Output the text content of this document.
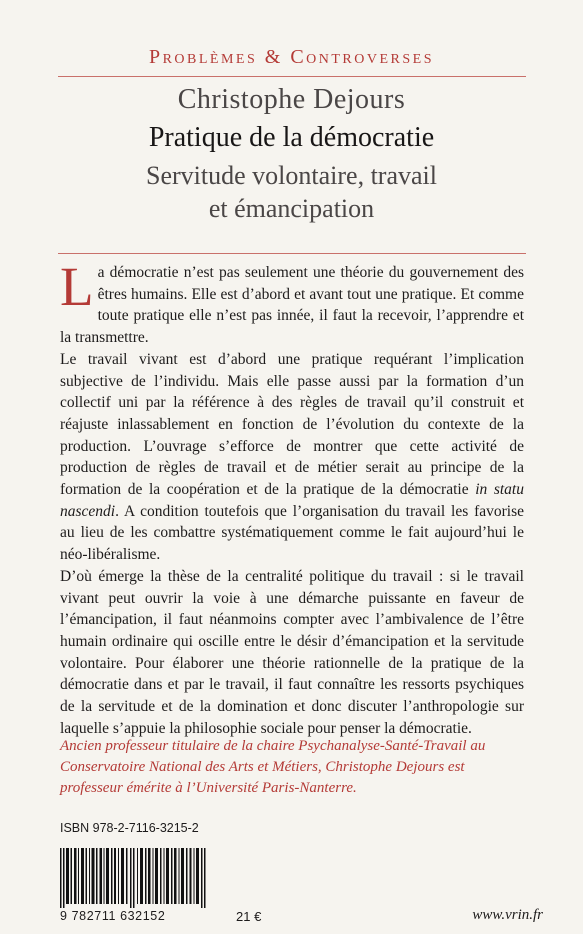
Problèmes & Controverses
Christophe Dejours
Pratique de la démocratie
Servitude volontaire, travail
et émancipation

La démocratie n’est pas seulement une théorie du gouvernement des êtres humains. Elle est d’abord et avant tout une pratique. Et comme toute pratique elle n’est pas innée, il faut la recevoir, l’apprendre et la transmettre.

Le travail vivant est d’abord une pratique requérant l’implication subjective de l’individu. Mais elle passe aussi par la formation d’un collectif uni par la référence à des règles de travail qu’il construit et réajuste inlassablement en fonction de l’évolution du contexte de la production. L’ouvrage s’efforce de montrer que cette activité de production de règles de travail et de métier serait au principe de la formation de la coopération et de la pratique de la démocratie in statu nascendi. A condition toutefois que l’organisation du travail les favorise au lieu de les combattre systématiquement comme le fait aujourd’hui le néo-libéralisme.

D’où émerge la thèse de la centralité politique du travail : si le travail vivant peut ouvrir la voie à une démarche puissante en faveur de l’émancipation, il faut néanmoins compter avec l’ambivalence de l’être humain ordinaire qui oscille entre le désir d’émancipation et la servitude volontaire. Pour élaborer une théorie rationnelle de la pratique de la démocratie dans et par le travail, il faut connaître les ressorts psychiques de la servitude et de la domination et donc discuter l’anthropologie sur laquelle s’appuie la philosophie sociale pour penser la démocratie.

Ancien professeur titulaire de la chaire Psychanalyse-Santé-Travail au Conservatoire National des Arts et Métiers, Christophe Dejours est professeur émérite à l’Université Paris-Nanterre.

ISBN 978-2-7116-3215-2
9 782711 632152	21 €	www.vrin.fr
